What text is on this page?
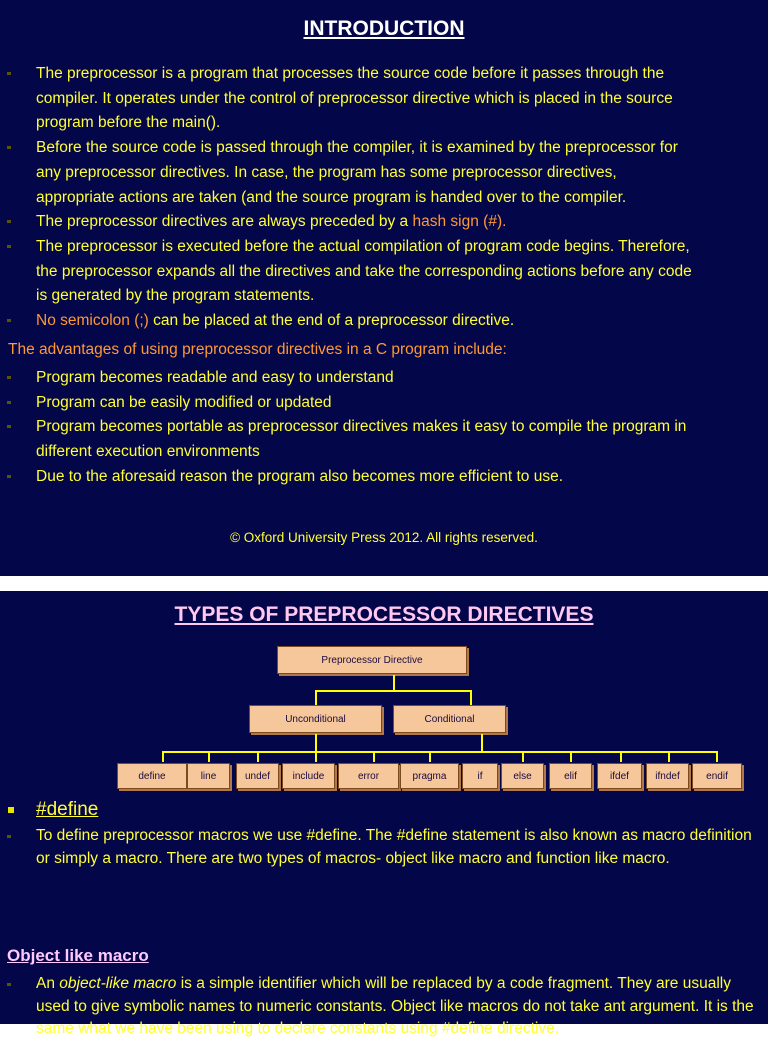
INTRODUCTION
The preprocessor is a program that processes the source code before it passes through the
compiler. It operates under the control of preprocessor directive which is placed in the source
program before the main().
Before the source code is passed through the compiler, it is examined by the preprocessor for
any preprocessor directives. In case, the program has some preprocessor directives,
appropriate actions are taken (and the source program is handed over to the compiler.
The preprocessor directives are always preceded by a hash sign (#).
The preprocessor is executed before the actual compilation of program code begins. Therefore,
the preprocessor expands all the directives and take the corresponding actions before any code
is generated by the program statements.
No semicolon (;) can be placed at the end of a preprocessor directive.
The advantages of using preprocessor directives in a C program include:
Program becomes readable and easy to understand
Program can be easily modified or updated
Program becomes portable as preprocessor directives makes it easy to compile the program in
different execution environments
Due to the aforesaid reason the program also becomes more efficient to use.
© Oxford University Press 2012. All rights reserved.
TYPES OF PREPROCESSOR DIRECTIVES
Preprocessor Directive
Unconditional	Conditional
define	line	undef	include	error	pragma	if	else	elif	ifdef	ifndef	endif
#define
To define preprocessor macros we use #define. The #define statement is also known as macro definition or simply a macro. There are two types of macros- object like macro and function like macro.
Object like macro
An object-like macro is a simple identifier which will be replaced by a code fragment. They are usually used to give symbolic names to numeric constants. Object like macros do not take ant argument. It is the same what we have been using to declare constants using #define directive.
